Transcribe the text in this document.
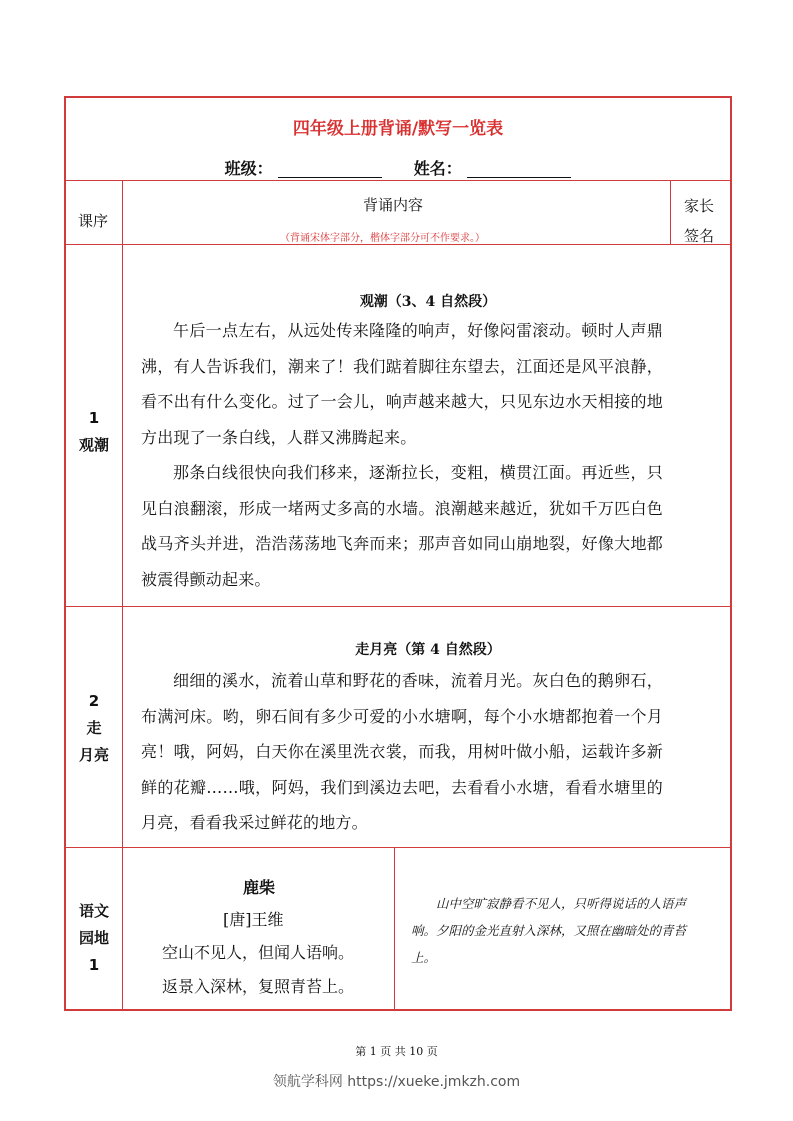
四年级上册背诵/默写一览表
班级：	姓名：
课序
背诵内容
（背诵宋体字部分，楷体字部分可不作要求。）
家长
签名
1
观潮
观潮（3、4 自然段）

午后一点左右，从远处传来隆隆的响声，好像闷雷滚动。顿时人声鼎沸，有人告诉我们，潮来了！我们踮着脚往东望去，江面还是风平浪静，看不出有什么变化。过了一会儿，响声越来越大，只见东边水天相接的地方出现了一条白线，人群又沸腾起来。

那条白线很快向我们移来，逐渐拉长，变粗，横贯江面。再近些，只见白浪翻滚，形成一堵两丈多高的水墙。浪潮越来越近，犹如千万匹白色战马齐头并进，浩浩荡荡地飞奔而来；那声音如同山崩地裂，好像大地都被震得颤动起来。

2
走
月亮
走月亮（第 4 自然段）

细细的溪水，流着山草和野花的香味，流着月光。灰白色的鹅卵石，布满河床。哟，卵石间有多少可爱的小水塘啊，每个小水塘都抱着一个月亮！哦，阿妈，白天你在溪里洗衣裳，而我，用树叶做小船，运载许多新鲜的花瓣……哦，阿妈，我们到溪边去吧，去看看小水塘，看看水塘里的月亮，看看我采过鲜花的地方。

语文
园地
1
鹿柴
[唐]王维
空山不见人，但闻人语响。
返景入深林，复照青苔上。

山中空旷寂静看不见人，只听得说话的人语声响。夕阳的金光直射入深林，又照在幽暗处的青苔上。

第 1 页 共 10 页
领航学科网 https://xueke.jmkzh.com
